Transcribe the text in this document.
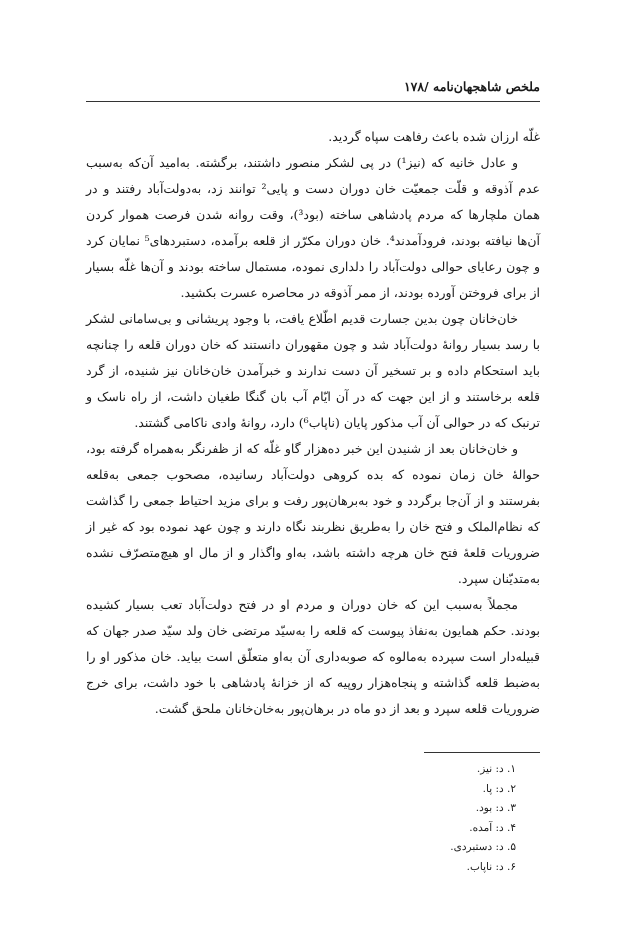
ملخص شاهجهان‌نامه /۱۷۸

غلّه ارزان شده باعث رفاهت سپاه گردید.

و عادل خانیه که (نیز¹) در پی لشکر منصور داشتند، برگشته. به‌امید آن‌که به‌سبب عدم آذوقه و قلّت جمعیّت خان دوران دست و پایی² توانند زد، به‌دولت‌آباد رفتند و در همان ملچارها که مردم پادشاهی ساخته (بود³)، وقت روانه شدن فرصت هموار کردن آن‌ها نیافته بودند، فرودآمدند⁴. خان دوران مکرّر از قلعه برآمده، دستبردهای⁵ نمایان کرد و چون رعایای حوالی دولت‌آباد را دلداری نموده، مستمال ساخته بودند و آن‌ها غلّه بسیار از برای فروختن آورده بودند، از ممر آذوقه در محاصره عسرت بکشید.

خان‌خانان چون بدین جسارت قدیم اطّلاع یافت، با وجود پریشانی و بی‌سامانی لشکر با رسد بسیار روانهٔ دولت‌آباد شد و چون مقهوران دانستند که خان دوران قلعه را چنانچه باید استحکام داده و بر تسخیر آن دست ندارند و خبرآمدن خان‌خانان نیز شنیده، از گرد قلعه برخاستند و از این جهت که در آن ایّام آب بان گنگا طغیان داشت، از راه ناسک و ترنبک که در حوالی آن آب مذکور پایان (ناپاب⁶) دارد، روانهٔ وادی ناکامی گشتند.

و خان‌خانان بعد از شنیدن این خبر ده‌هزار گاو غلّه که از ظفرنگر به‌همراه گرفته بود، حوالهٔ خان زمان نموده که بده کروهی دولت‌آباد رسانیده، مصحوب جمعی به‌قلعه بفرستند و از آن‌جا برگردد و خود به‌برهان‌پور رفت و برای مزید احتیاط جمعی را گذاشت که نظام‌الملک و فتح خان را به‌طریق نظربند نگاه دارند و چون عهد نموده بود که غیر از ضروریات قلعهٔ فتح خان هرچه داشته باشد، به‌او واگذار و از مال او هیچ‌متصرّف نشده به‌متدیّنان سپرد.

مجملاً به‌سبب این که خان دوران و مردم او در فتح دولت‌آباد تعب بسیار کشیده بودند. حکم همایون به‌نفاذ پیوست که قلعه را به‌سیّد مرتضی خان ولد سیّد صدر جهان که قبیله‌دار است سپرده به‌مالوه که صوبه‌داری آن به‌او متعلّق است بیاید. خان مذکور او را به‌ضبط قلعه گذاشته و پنجاه‌هزار روپیه که از خزانهٔ پادشاهی با خود داشت، برای خرج ضروریات قلعه سپرد و بعد از دو ماه در برهان‌پور به‌خان‌خانان ملحق گشت.

۱. د: نیز.
۲. د: پا.
۳. د: بود.
۴. د: آمده.
۵. د: دستبردی.
۶. د: ناپاب.
